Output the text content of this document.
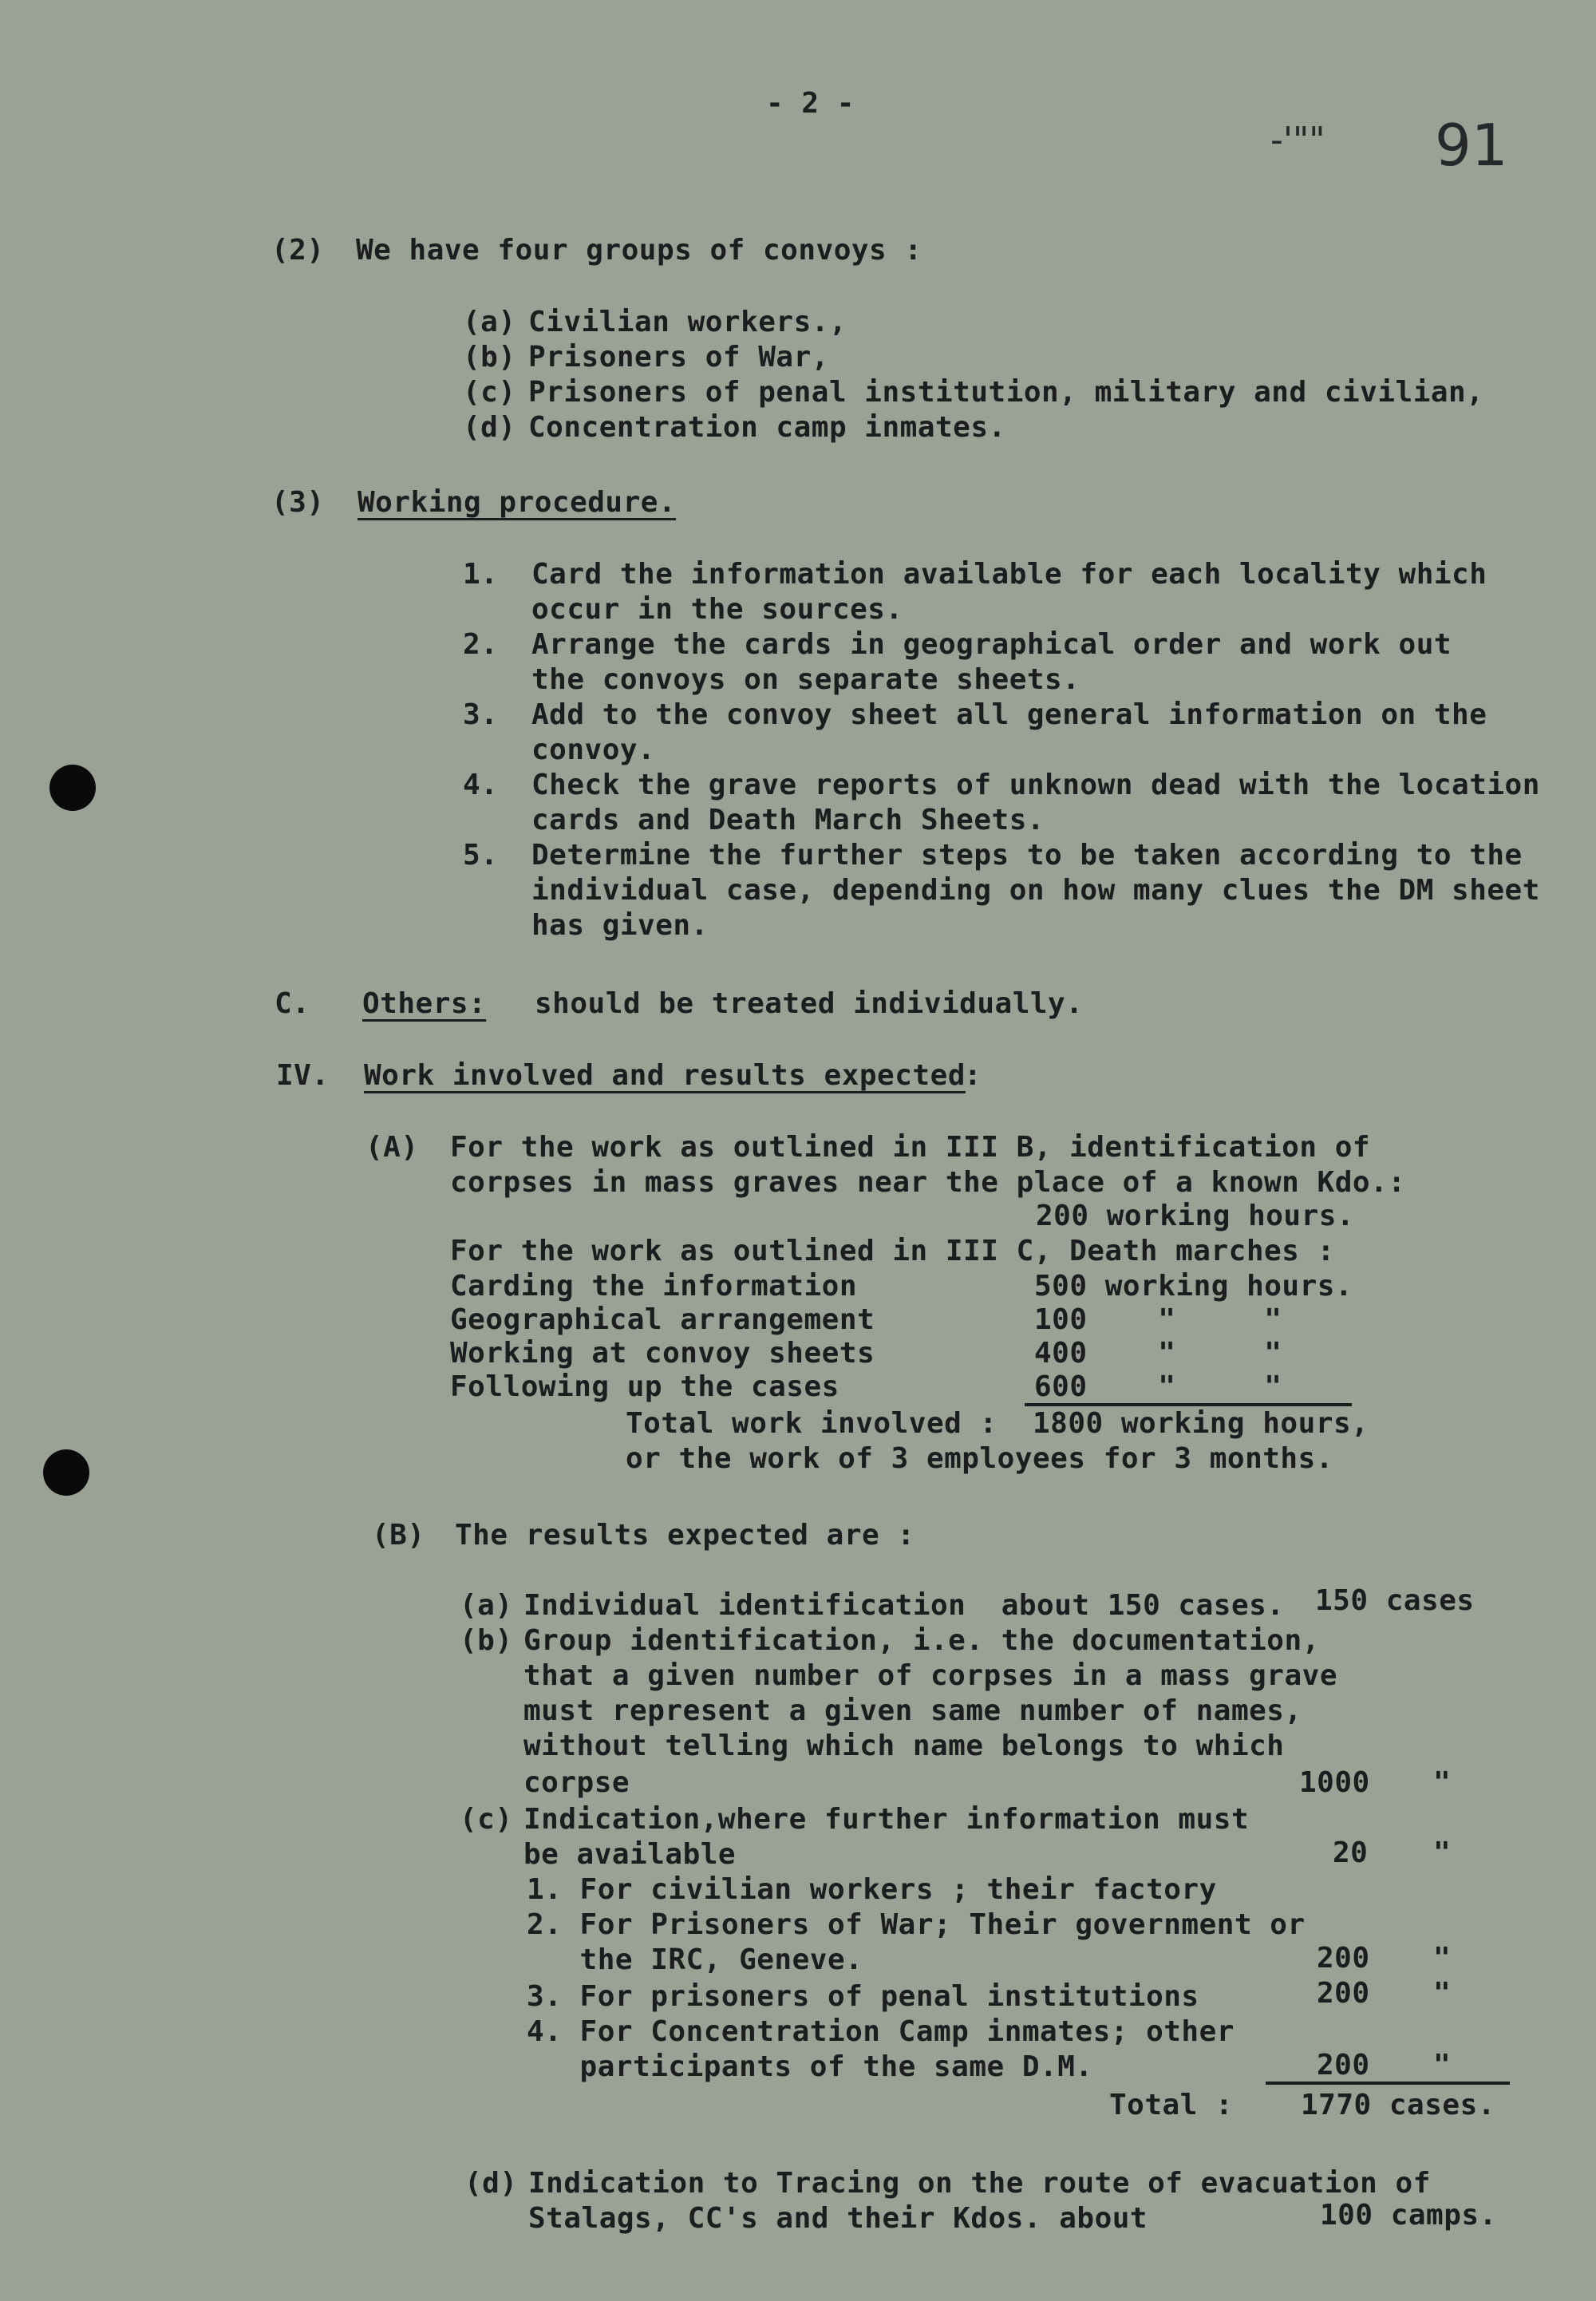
- 2 -
-'"" 91
(2) We have four groups of convoys :
(a) Civilian workers.,
(b) Prisoners of War,
(c) Prisoners of penal institution, military and civilian,
(d) Concentration camp inmates.
(3) Working procedure.
1. Card the information available for each locality which
occur in the sources.
2. Arrange the cards in geographical order and work out
the convoys on separate sheets.
3. Add to the convoy sheet all general information on the
convoy.
4. Check the grave reports of unknown dead with the location
cards and Death March Sheets.
5. Determine the further steps to be taken according to the
individual case, depending on how many clues the DM sheet
has given.
C. Others: should be treated individually.
IV. Work involved and results expected
:
(A) For the work as outlined in III B, identification of
corpses in mass graves near the place of a known Kdo.:
200 working hours.
For the work as outlined in III C, Death marches :
Carding the information	500 working hours.
Geographical arrangement	100    "     "
Working at convoy sheets	400    "     "
Following up the cases	600    "     "
Total work involved :  1800 working hours,
or the work of 3 employees for 3 months.
(B) The results expected are :
(a) Individual identification  about 150 cases. 150 cases
(b) Group identification, i.e. the documentation,
that a given number of corpses in a mass grave
must represent a given same number of names,
without telling which name belongs to which
corpse	1000 "
(c) Indication,where further information must
be available	20 "
1. For civilian workers ; their factory
2. For Prisoners of War; Their government or
the IRC, Geneve.	200 "
3. For prisoners of penal institutions	200 "
4. For Concentration Camp inmates; other
participants of the same D.M.	200 "
Total : 1770 cases.
(d) Indication to Tracing on the route of evacuation of
Stalags, CC's and their Kdos. about	100 camps.
